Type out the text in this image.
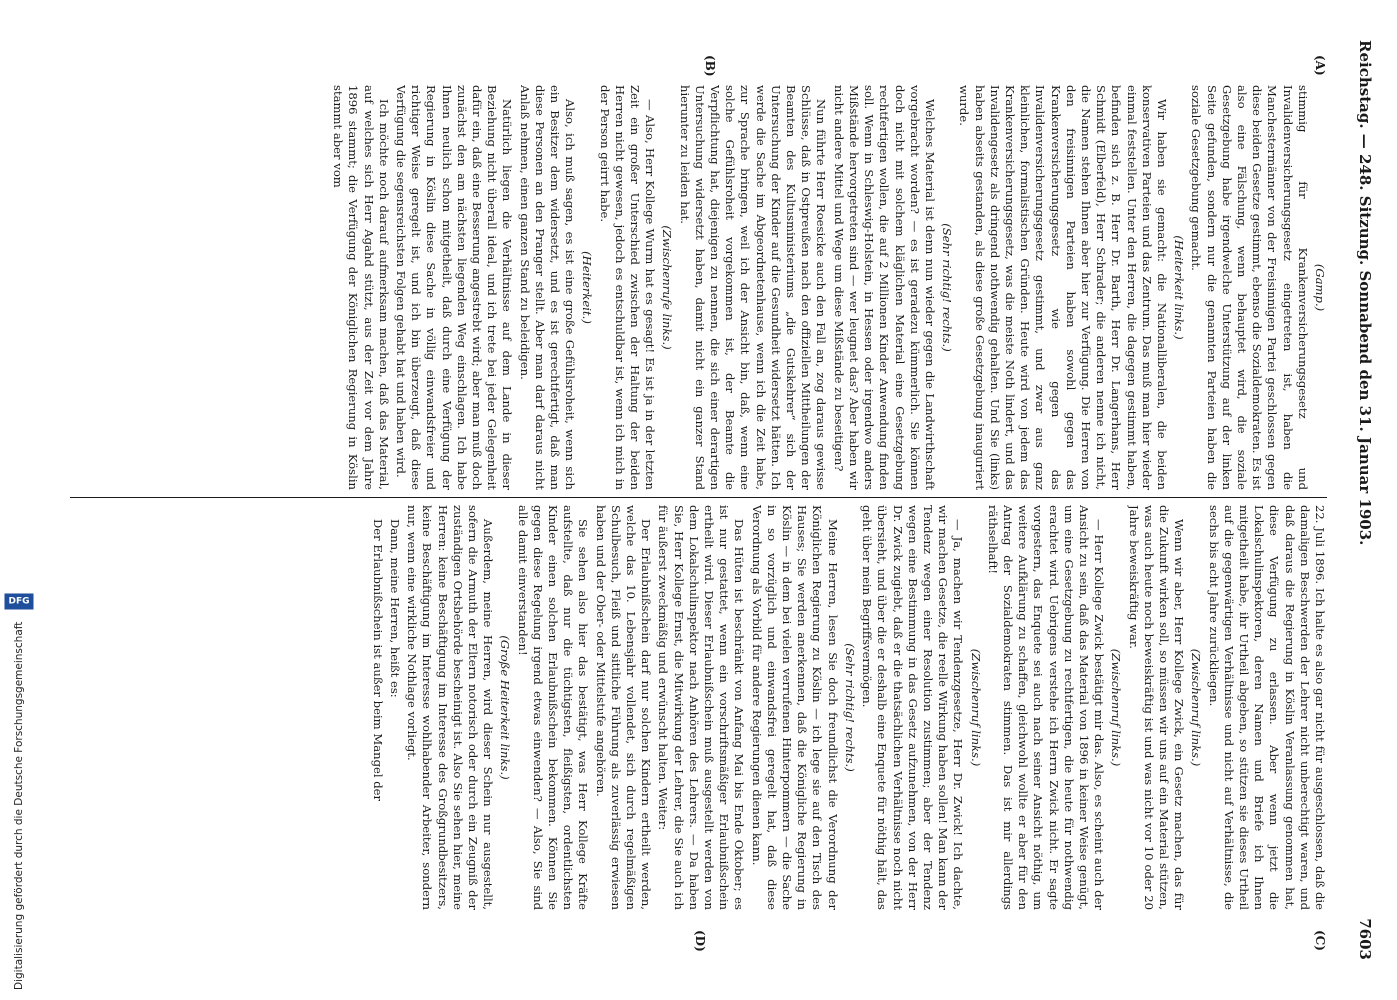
Reichstag. — 248. Sitzung. Sonnabend den 31. Januar 1903.
7603
(A)
(B)
(C)
(D)

(Gamp.)

stimmig für Krankenversicherungsgesetz und Invalidenversicherungsgesetz eingetreten ist, haben die Manchestermänner von der Freisinnigen Partei geschlossen gegen diese beiden Gesetze gestimmt, ebenso die Sozialdemokraten. Es ist also eine Fälschung, wenn behauptet wird, die soziale Gesetzgebung habe irgendwelche Unterstützung auf der linken Seite gefunden, sondern nur die genannten Parteien haben die soziale Gesetzgebung gemacht.

(Heiterkeit links.)

Wir haben sie gemacht: die Nationalliberalen, die beiden konservativen Parteien und das Zentrum. Das muß man hier wieder einmal feststellen. Unter den Herren, die dagegen gestimmt haben, befinden sich z. B. Herr Dr. Barth, Herr Dr. Langerhans, Herr Schmidt (Elberfeld), Herr Schrader; die anderen nenne ich nicht, die Namen stehen Ihnen aber hier zur Verfügung. Die Herren von den freisinnigen Parteien haben sowohl gegen das Krankenversicherungsgesetz wie gegen das Invalidenversicherungsgesetz gestimmt, und zwar aus ganz kleinlichen, formalistischen Gründen. Heute wird von jedem das Krankenversicherungsgesetz, was die meiste Noth lindert, und das Invalidengesetz als dringend nothwendig gehalten. Und Sie (links) haben abseits gestanden, als diese große Gesetzgebung inauguriert wurde.

(Sehr richtig! rechts.)

Welches Material ist denn nun wieder gegen die Landwirthschaft vorgebracht worden? — es ist geradezu kümmerlich. Sie können doch nicht mit solchem kläglichen Material eine Gesetzgebung rechtfertigen wollen, die auf 2 Millionen Kinder Anwendung finden soll. Wenn in Schleswig-Holstein, in Hessen oder irgendwo anders Mißstände hervorgetreten sind — wer leugnet das? Aber haben wir nicht andere Mittel und Wege um diese Mißstände zu beseitigen?

Nun führte Herr Roesicke auch den Fall an, zog daraus gewisse Schlüsse, daß in Ostpreußen nach den offiziellen Mittheilungen der Beamten des Kultusministeriums „die Gutskehrer“ sich der Untersuchung der Kinder auf die Gesundheit widersetzt hätten. Ich werde die Sache im Abgeordnetenhause, wenn ich die Zeit habe, zur Sprache bringen, weil ich der Ansicht bin, daß, wenn eine solche Gefühlsroheit vorgekommen ist, der Beamte die Verpflichtung hat, diejenigen zu nennen, die sich einer derartigen Untersuchung widersetzt haben, damit nicht ein ganzer Stand hierunter zu leiden hat.

(Zwischenrufe links.)

— Also, Herr Kollege Wurm hat es gesagt! Es ist ja in der letzten Zeit ein großer Unterschied zwischen der Haltung der beiden Herren nicht gewesen, jedoch es entschuldbar ist, wenn ich mich in der Person geirrt habe.

(Heiterkeit.)

Also, ich muß sagen, es ist eine große Gefühlsroheit, wenn sich ein Besitzer dem widersetzt, und es ist gerechtfertigt, daß man diese Personen an den Pranger stellt. Aber man darf daraus nicht Anlaß nehmen, einen ganzen Stand zu beleidigen.

Natürlich liegen die Verhältnisse auf dem Lande in dieser Beziehung nicht überall ideal, und ich trete bei jeder Gelegenheit dafür ein, daß eine Besserung angestrebt wird; aber man muß doch zunächst den am nächsten liegenden Weg einschlagen. Ich habe Ihnen neulich schon mitgetheilt, daß durch eine Verfügung der Regierung in Köslin diese Sache in völlig einwandsfreier und richtiger Weise geregelt ist, und ich bin überzeugt, daß diese Verfügung die segensreichsten Folgen gehabt hat und haben wird.

Ich möchte noch darauf aufmerksam machen, daß das Material, auf welches sich Herr Agahd stützt, aus der Zeit vor dem Jahre 1896 stammt; die Verfügung der Königlichen Regierung in Köslin stammt aber vom

22. Juli 1896. Ich halte es also gar nicht für ausgeschlossen, daß die damaligen Beschwerden der Lehrer nicht unberechtigt waren, und daß daraus die Regierung in Köslin Veranlassung genommen hat, diese Verfügung zu erlassen. Aber wenn jetzt die Lokalschulinspektoren, deren Namen und Briefe ich Ihnen mitgetheilt habe, ihr Urtheil abgeben, so stützen sie dieses Urtheil auf die gegenwärtigen Verhältnisse und nicht auf Verhältnisse, die sechs bis acht Jahre zurückliegen.

(Zwischenruf links.)

Wenn wir aber, Herr Kollege Zwick, ein Gesetz machen, das für die Zukunft wirken soll, so müssen wir uns auf ein Material stützen, was auch heute noch beweiskräftig ist und was nicht vor 10 oder 20 Jahre beweiskräftig war.

(Zwischenruf links.)

— Herr Kollege Zwick bestätigt mir das. Also, es scheint auch der Ansicht zu sein, daß das Material von 1896 in keiner Weise genügt, um eine Gesetzgebung zu rechtfertigen, die heute für nothwendig erachtet wird. Uebrigens verstehe ich Herrn Zwick nicht. Er sagte vorgestern, das Enquete sei auch nach seiner Ansicht nöthig, um weitere Aufklärung zu schaffen, gleichwohl wollte er aber für den Antrag der Sozialdemokraten stimmen. Das ist mir allerdings räthselhaft!

(Zwischenruf links.)

— Ja, machen wir Tendenzgesetze, Herr Dr. Zwick! Ich dachte, wir machen Gesetze, die reelle Wirkung haben sollen! Man kann der Tendenz wegen einer Resolution zustimmen; aber der Tendenz wegen eine Bestimmung in das Gesetz aufzunehmen, von der Herr Dr. Zwick zugiebt, daß er die thatsächlichen Verhältnisse noch nicht übersieht, und über die er deshalb eine Enquete für nöthig hält, das geht über mein Begriffsvermögen.

(Sehr richtig! rechts.)

Meine Herren, lesen Sie doch freundlichst die Verordnung der Königlichen Regierung zu Köslin — ich lege sie auf den Tisch des Hauses; Sie werden anerkennen, daß die Königliche Regierung in Köslin — in dem bei vielen verrufenen Hinterpommern — die Sache in so vorzüglich und einwandsfrei geregelt hat, daß diese Verordnung als Vorbild für andere Regierungen dienen kann.

Das Hüten ist beschränkt von Anfang Mai bis Ende Oktober; es ist nur gestattet, wenn ein vorschriftsmäßiger Erlaubnißschein ertheilt wird. Dieser Erlaubnißschein muß ausgestellt werden von dem Lokalschulinspektor nach Anhören des Lehrers. — Da haben Sie, Herr Kollege Ernst, die Mitwirkung der Lehrer, die Sie auch ich für äußerst zweckmäßig und erwünscht halten. Weiter:

Der Erlaubnißschein darf nur solchen Kindern ertheilt werden, welche das 10. Lebensjahr vollendet, sich durch regelmäßigen Schulbesuch, Fleiß und sittliche Führung als zuverlässig erwiesen haben und der Ober- oder Mittelstufe angehören.

Sie sehen also hier das bestätigt, was Herr Kollege Kräfte aufstellte, daß nur die tüchtigsten, fleißigsten, ordentlichsten Kinder einen solchen Erlaubnißschein bekommen. Können Sie gegen diese Regelung irgend etwas einwenden? — Also, Sie sind alle damit einverstanden!

(Große Heiterkeit links.)

Außerdem, meine Herren, wird dieser Schein nur ausgestellt, sofern die Armuth der Eltern notorisch oder durch ein Zeugniß der zuständigen Ortsbehörde bescheinigt ist. Also Sie sehen hier, meine Herren: keine Beschäftigung im Interesse des Großgrundbesitzers, keine Beschäftigung im Interesse wohlhabender Arbeiter, sondern nur, wenn eine wirkliche Nothlage vorliegt.

Dann, meine Herren, heißt es:

Der Erlaubnißschein ist außer beim Mangel der

Digitalisierung gefördert durch die Deutsche Forschungsgemeinschaft
DFG
